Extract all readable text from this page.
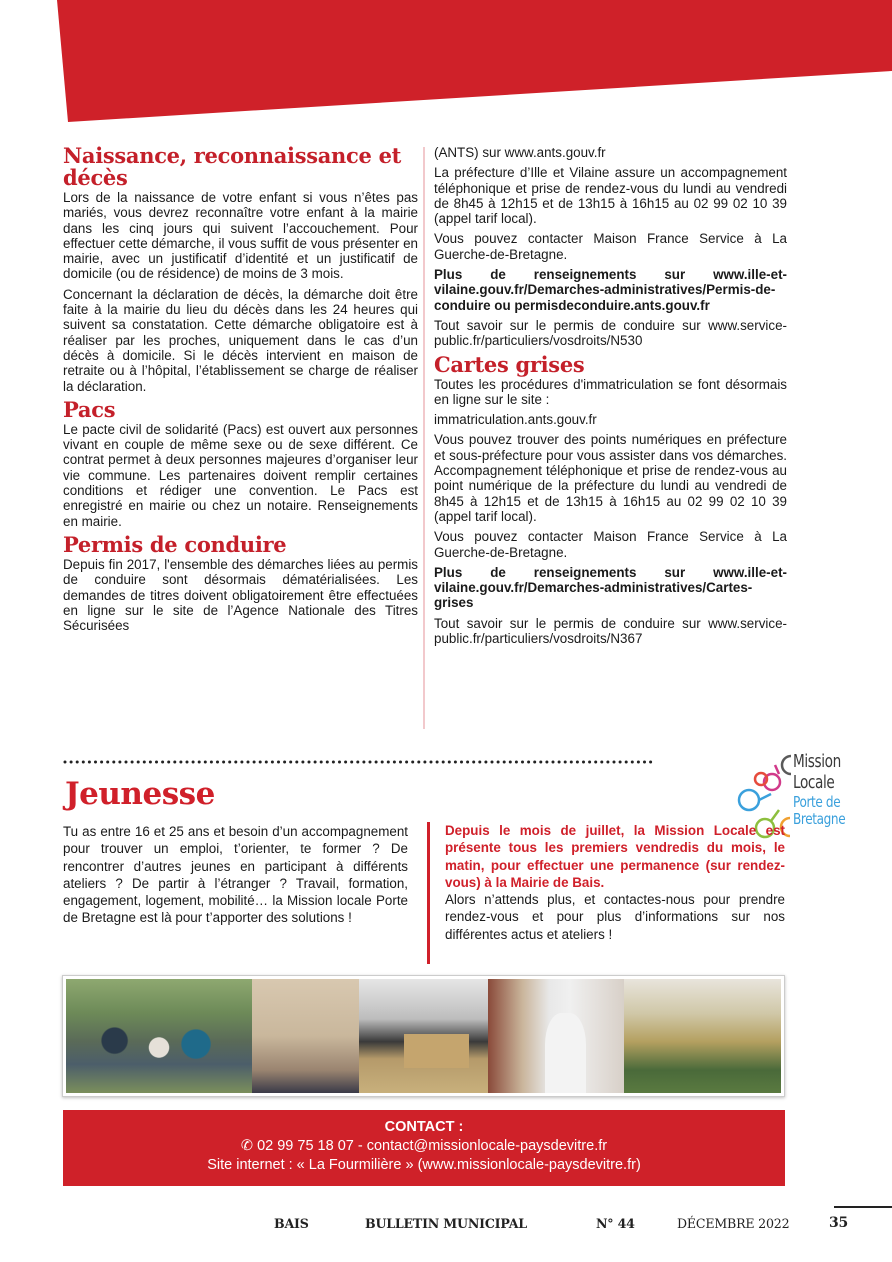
Naissance, reconnaissance et décès

Lors de la naissance de votre enfant si vous n’êtes pas mariés, vous devrez reconnaître votre enfant à la mairie dans les cinq jours qui suivent l’accouchement. Pour effectuer cette démarche, il vous suffit de vous présenter en mairie, avec un justificatif d’identité et un justificatif de domicile (ou de résidence) de moins de 3 mois.

Concernant la déclaration de décès, la démarche doit être faite à la mairie du lieu du décès dans les 24 heures qui suivent sa constatation. Cette démarche obligatoire est à réaliser par les proches, uniquement dans le cas d’un décès à domicile. Si le décès intervient en maison de retraite ou à l’hôpital, l’établissement se charge de réaliser la déclaration.

Pacs

Le pacte civil de solidarité (Pacs) est ouvert aux personnes vivant en couple de même sexe ou de sexe différent. Ce contrat permet à deux personnes majeures d’organiser leur vie commune. Les partenaires doivent remplir certaines conditions et rédiger une convention. Le Pacs est enregistré en mairie ou chez un notaire. Renseignements en mairie.

Permis de conduire

Depuis fin 2017, l'ensemble des démarches liées au permis de conduire sont désormais dématérialisées. Les demandes de titres doivent obligatoirement être effectuées en ligne sur le site de l’Agence Nationale des Titres Sécurisées

(ANTS) sur www.ants.gouv.fr

La préfecture d’Ille et Vilaine assure un accompagnement téléphonique et prise de rendez-vous du lundi au vendredi de 8h45 à 12h15 et de 13h15 à 16h15 au 02 99 02 10 39 (appel tarif local).

Vous pouvez contacter Maison France Service à La Guerche-de-Bretagne.

Plus de renseignements sur www.ille-et-vilaine.gouv.fr/Demarches-administratives/Permis-de-conduire ou permisdeconduire.ants.gouv.fr

Tout savoir sur le permis de conduire sur www.service-public.fr/particuliers/vosdroits/N530

Cartes grises

Toutes les procédures d'immatriculation se font désormais en ligne sur le site :

immatriculation.ants.gouv.fr

Vous pouvez trouver des points numériques en préfecture et sous-préfecture pour vous assister dans vos démarches. Accompagnement téléphonique et prise de rendez-vous au point numérique de la préfecture du lundi au vendredi de 8h45 à 12h15 et de 13h15 à 16h15 au 02 99 02 10 39 (appel tarif local).

Vous pouvez contacter Maison France Service à La Guerche-de-Bretagne.

Plus de renseignements sur www.ille-et-vilaine.gouv.fr/Demarches-administratives/Cartes-grises

Tout savoir sur le permis de conduire sur www.service-public.fr/particuliers/vosdroits/N367

Jeunesse
Mission
Locale
Porte de
Bretagne

Tu as entre 16 et 25 ans et besoin d’un accompagnement pour trouver un emploi, t’orienter, te former ? De rencontrer d’autres jeunes en participant à différents ateliers ? De partir à l’étranger ? Travail, formation, engagement, logement, mobilité… la Mission locale Porte de Bretagne est là pour t’apporter des solutions !

Depuis le mois de juillet, la Mission Locale est présente tous les premiers vendredis du mois, le matin, pour effectuer une permanence (sur rendez-vous) à la Mairie de Bais.

Alors n’attends plus, et contactes-nous pour prendre rendez-vous et pour plus d’informations sur nos différentes actus et ateliers !

CONTACT :
✆ 02 99 75 18 07 - contact@missionlocale-paysdevitre.fr
Site internet : « La Fourmilière » (www.missionlocale-paysdevitre.fr)
BAIS	BULLETIN MUNICIPAL	N° 44	DÉCEMBRE 2022	35
